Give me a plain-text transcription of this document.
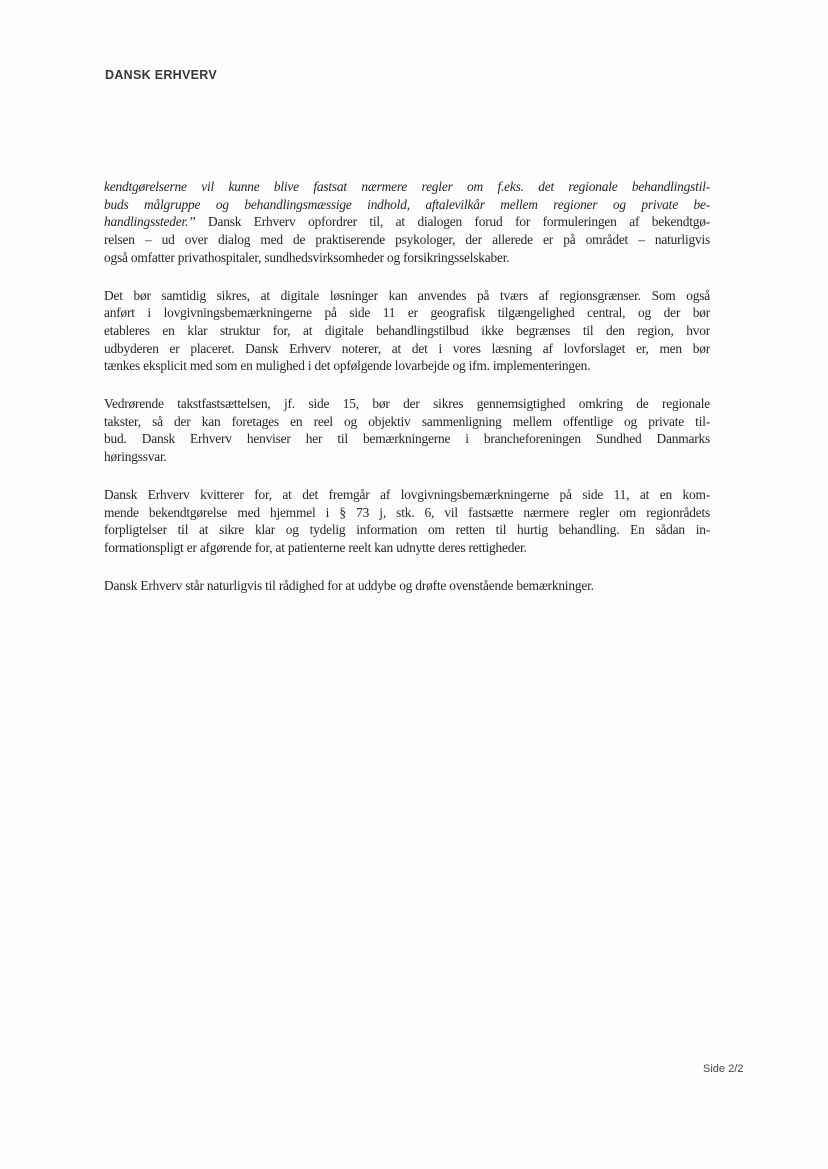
DANSK ERHVERV
kendtgørelserne vil kunne blive fastsat nærmere regler om f.eks. det regionale behandlingstil-
buds målgruppe og behandlingsmæssige indhold, aftalevilkår mellem regioner og private be-
handlingssteder.” Dansk Erhverv opfordrer til, at dialogen forud for formuleringen af bekendtgø-
relsen – ud over dialog med de praktiserende psykologer, der allerede er på området – naturligvis
også omfatter privathospitaler, sundhedsvirksomheder og forsikringsselskaber.
Det bør samtidig sikres, at digitale løsninger kan anvendes på tværs af regionsgrænser. Som også
anført i lovgivningsbemærkningerne på side 11 er geografisk tilgængelighed central, og der bør
etableres en klar struktur for, at digitale behandlingstilbud ikke begrænses til den region, hvor
udbyderen er placeret. Dansk Erhverv noterer, at det i vores læsning af lovforslaget er, men bør
tænkes eksplicit med som en mulighed i det opfølgende lovarbejde og ifm. implementeringen.
Vedrørende takstfastsættelsen, jf. side 15, bør der sikres gennemsigtighed omkring de regionale
takster, så der kan foretages en reel og objektiv sammenligning mellem offentlige og private til-
bud. Dansk Erhverv henviser her til bemærkningerne i brancheforeningen Sundhed Danmarks
høringssvar.
Dansk Erhverv kvitterer for, at det fremgår af lovgivningsbemærkningerne på side 11, at en kom-
mende bekendtgørelse med hjemmel i § 73 j, stk. 6, vil fastsætte nærmere regler om regionrådets
forpligtelser til at sikre klar og tydelig information om retten til hurtig behandling. En sådan in-
formationspligt er afgørende for, at patienterne reelt kan udnytte deres rettigheder.
Dansk Erhverv står naturligvis til rådighed for at uddybe og drøfte ovenstående bemærkninger.
Side 2/2
